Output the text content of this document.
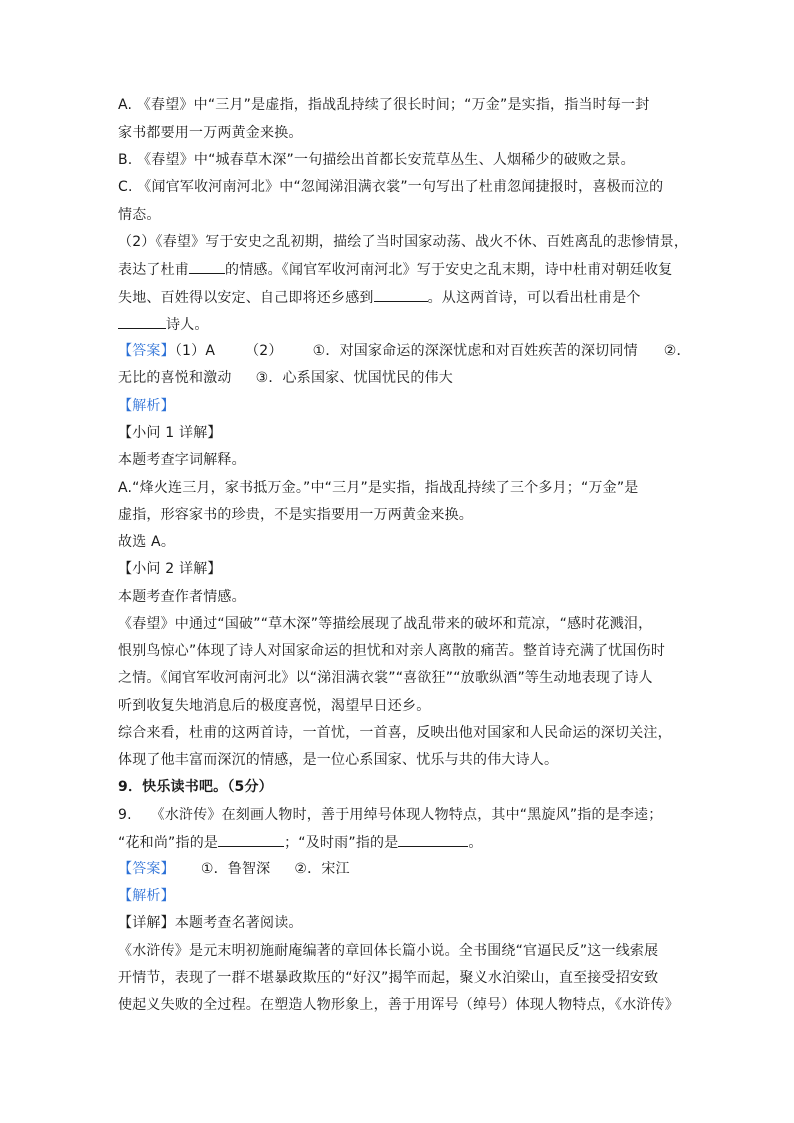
A. 《春望》中“三月”是虚指，指战乱持续了很长时间；“万金”是实指，指当时每一封
家书都要用一万两黄金来换。
B. 《春望》中“城春草木深”一句描绘出首都长安荒草丛生、人烟稀少的破败之景。
C. 《闻官军收河南河北》中“忽闻涕泪满衣裳”一句写出了杜甫忽闻捷报时，喜极而泣的
情态。
（2）《春望》写于安史之乱初期，描绘了当时国家动荡、战火不休、百姓离乱的悲惨情景，
表达了杜甫	的情感。《闻官军收河南河北》写于安史之乱末期，诗中杜甫对朝廷收复
失地、百姓得以安定、自己即将还乡感到	。从这两首诗，可以看出杜甫是个
诗人。
【答案】（1）A （2） ①．对国家命运的深深忧虑和对百姓疾苦的深切同情 ②．
无比的喜悦和激动 ③．心系国家、忧国忧民的伟大
【解析】
【小问 1 详解】
本题考查字词解释。
A.“烽火连三月，家书抵万金。”中“三月”是实指，指战乱持续了三个多月；“万金”是
虚指，形容家书的珍贵，不是实指要用一万两黄金来换。
故选 A。
【小问 2 详解】
本题考查作者情感。
《春望》中通过“国破”“草木深”等描绘展现了战乱带来的破坏和荒凉，“感时花溅泪，
恨别鸟惊心”体现了诗人对国家命运的担忧和对亲人离散的痛苦。整首诗充满了忧国伤时
之情。《闻官军收河南河北》以“涕泪满衣裳”“喜欲狂”“放歌纵酒”等生动地表现了诗人
听到收复失地消息后的极度喜悦，渴望早日还乡。
综合来看，杜甫的这两首诗，一首忧，一首喜，反映出他对国家和人民命运的深切关注，
体现了他丰富而深沉的情感，是一位心系国家、忧乐与共的伟大诗人。
9．快乐读书吧。（5分）
9.　 《水浒传》在刻画人物时，善于用绰号体现人物特点，其中“黑旋风”指的是李逵；
“花和尚”指的是	；“及时雨”指的是	。
【答案】 ①．鲁智深 ②．宋江
【解析】
【详解】本题考查名著阅读。
《水浒传》是元末明初施耐庵编著的章回体长篇小说。全书围绕“官逼民反”这一线索展
开情节，表现了一群不堪暴政欺压的“好汉”揭竿而起，聚义水泊梁山，直至接受招安致
使起义失败的全过程。在塑造人物形象上，善于用诨号（绰号）体现人物特点，《水浒传》
